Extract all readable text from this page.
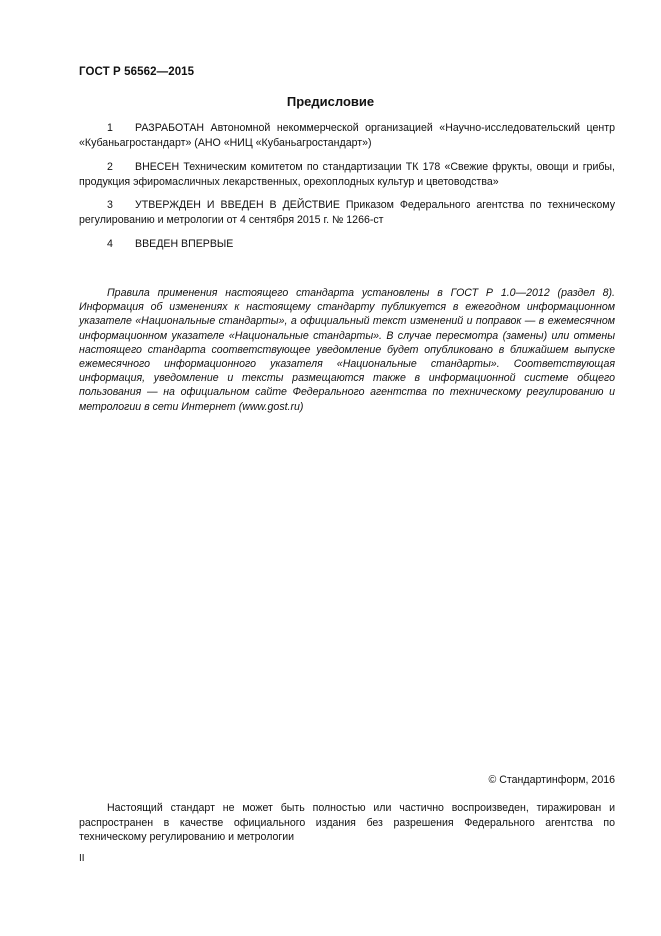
ГОСТ Р 56562—2015
Предисловие
1 РАЗРАБОТАН Автономной некоммерческой организацией «Научно-исследовательский центр «Кубаньагростандарт» (АНО «НИЦ «Кубаньагростандарт»)
2 ВНЕСЕН Техническим комитетом по стандартизации ТК 178 «Свежие фрукты, овощи и грибы, продукция эфиромасличных лекарственных, орехоплодных культур и цветоводства»
3 УТВЕРЖДЕН И ВВЕДЕН В ДЕЙСТВИЕ Приказом Федерального агентства по техническому регулированию и метрологии от 4 сентября 2015 г. № 1266-ст
4 ВВЕДЕН ВПЕРВЫЕ
Правила применения настоящего стандарта установлены в ГОСТ Р 1.0—2012 (раздел 8). Информация об изменениях к настоящему стандарту публикуется в ежегодном информационном указателе «Национальные стандарты», а официальный текст изменений и поправок — в ежемесячном информационном указателе «Национальные стандарты». В случае пересмотра (замены) или отмены настоящего стандарта соответствующее уведомление будет опубликовано в ближайшем выпуске ежемесячного информационного указателя «Национальные стандарты». Соответствующая информация, уведомление и тексты размещаются также в информационной системе общего пользования — на официальном сайте Федерального агентства по техническому регулированию и метрологии в сети Интернет (www.gost.ru)
© Стандартинформ, 2016
Настоящий стандарт не может быть полностью или частично воспроизведен, тиражирован и распространен в качестве официального издания без разрешения Федерального агентства по техническому регулированию и метрологии
II
